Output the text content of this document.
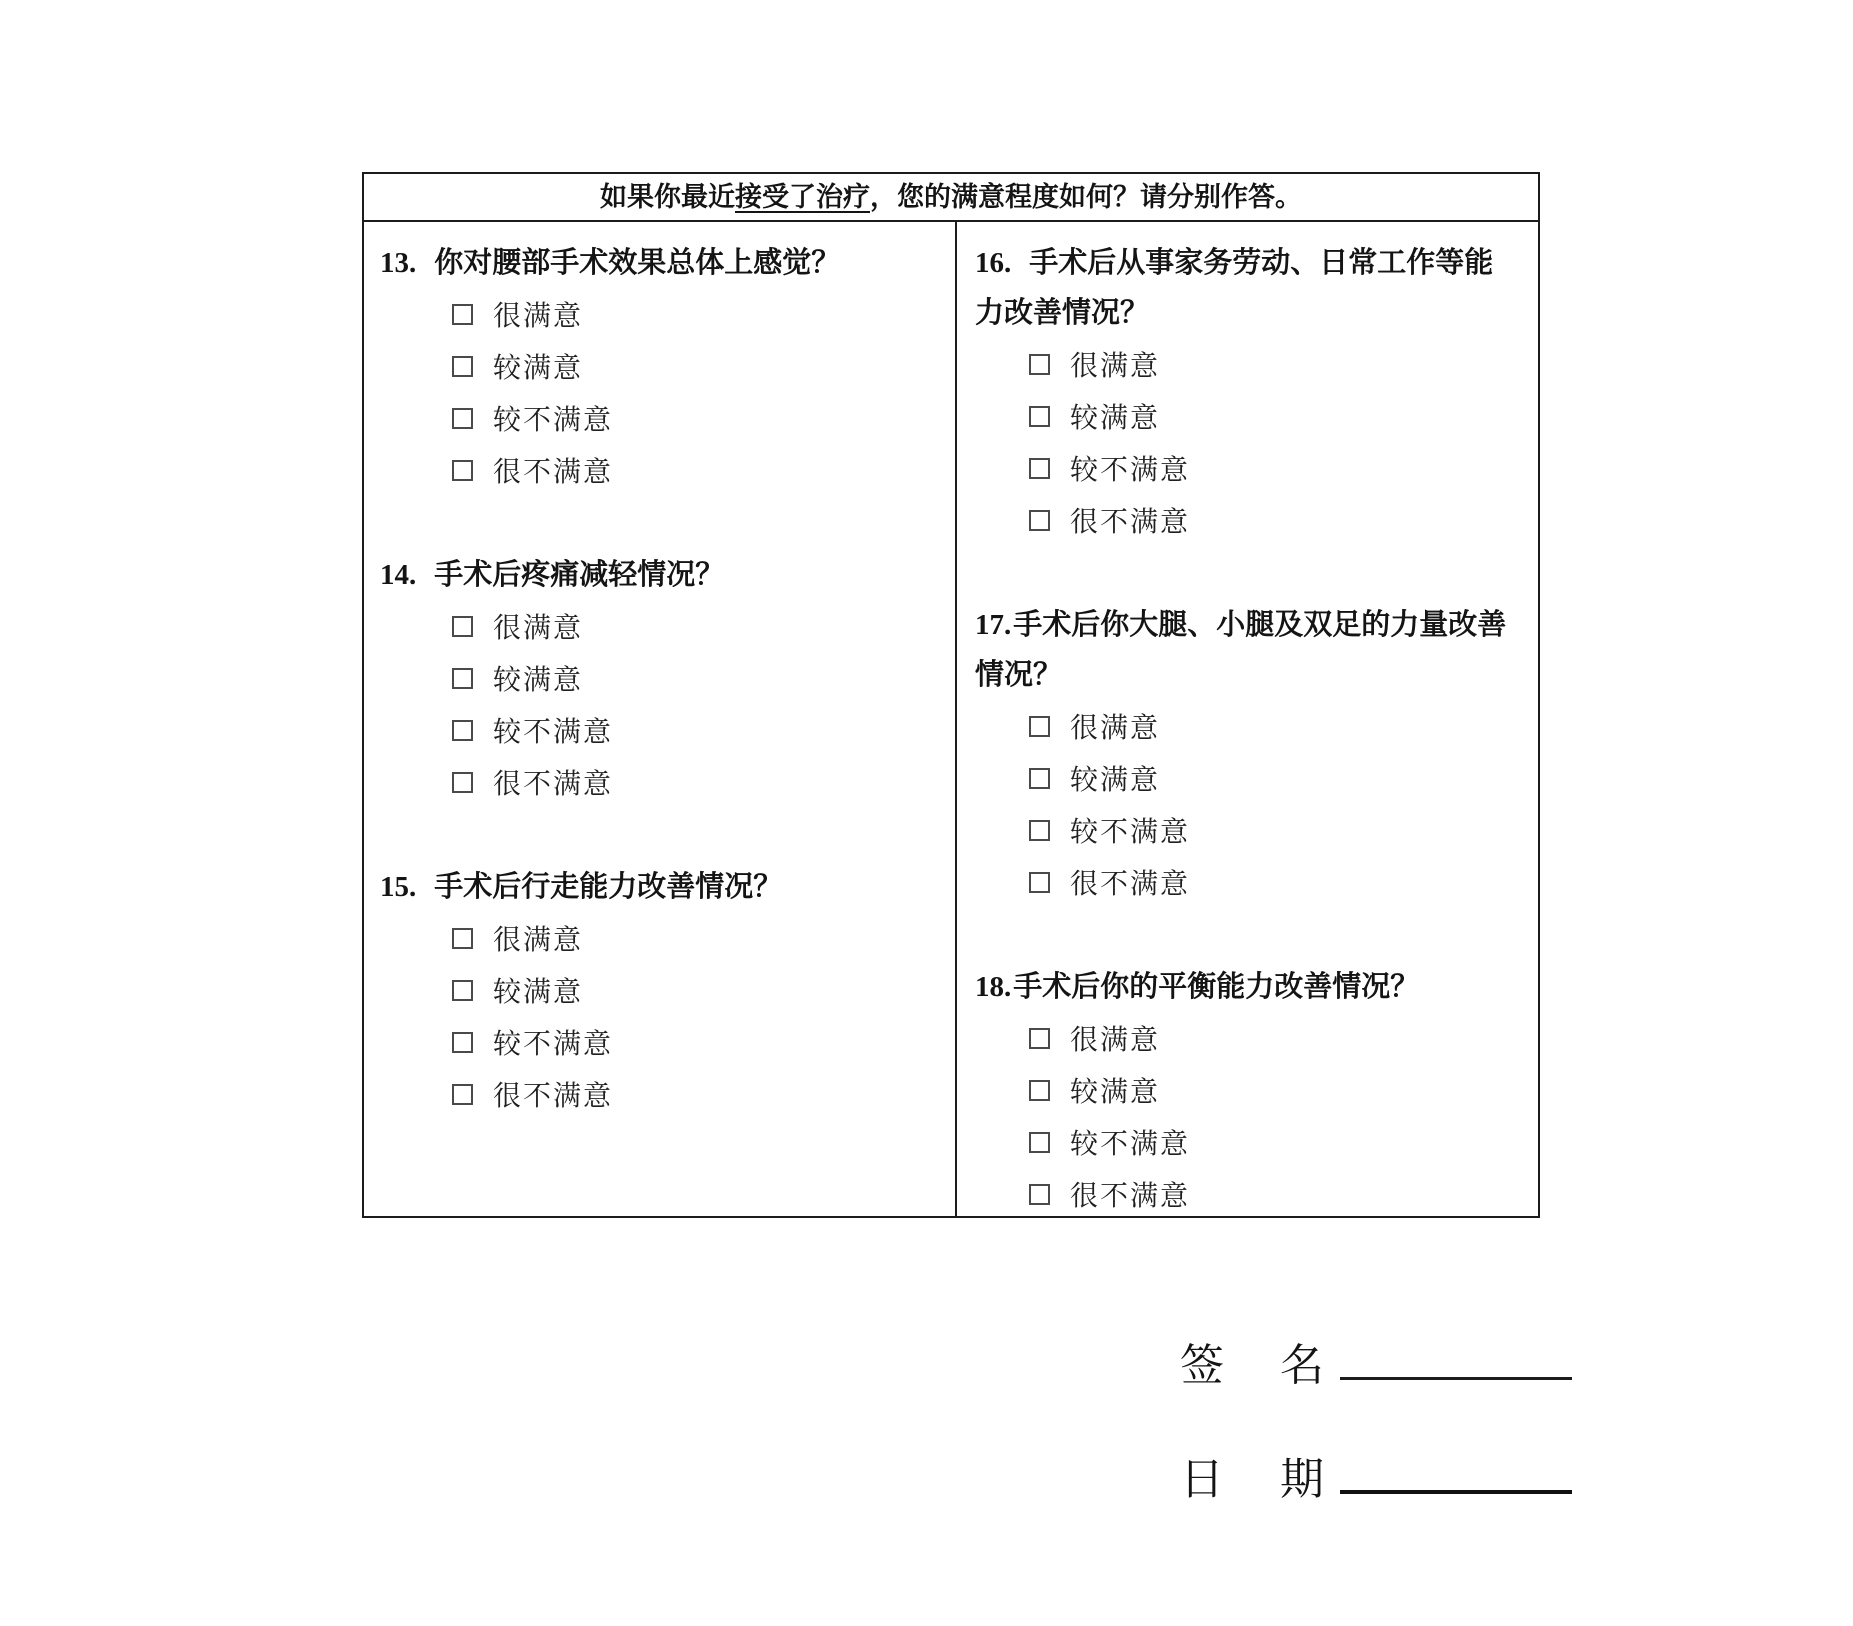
如果你最近接受了治疗，您的满意程度如何？请分别作答。
13. 你对腰部手术效果总体上感觉？
很满意
较满意
较不满意
很不满意
14. 手术后疼痛减轻情况？
很满意
较满意
较不满意
很不满意
15. 手术后行走能力改善情况？
很满意
较满意
较不满意
很不满意
16. 手术后从事家务劳动、日常工作等能力改善情况？
很满意
较满意
较不满意
很不满意
17.手术后你大腿、小腿及双足的力量改善情况？
很满意
较满意
较不满意
很不满意
18.手术后你的平衡能力改善情况？
很满意
较满意
较不满意
很不满意
签　名
日　期
